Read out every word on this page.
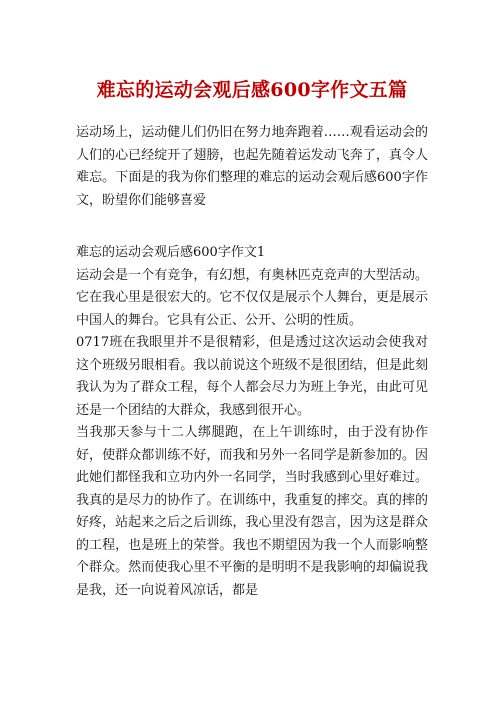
难忘的运动会观后感600字作文五篇

运动场上，运动健儿们仍旧在努力地奔跑着……观看运动会的人们的心已经绽开了翅膀，也起先随着运发动飞奔了，真令人难忘。下面是的我为你们整理的难忘的运动会观后感600字作文，盼望你们能够喜爱

难忘的运动会观后感600字作文1

运动会是一个有竞争，有幻想，有奥林匹克竞声的大型活动。它在我心里是很宏大的。它不仅仅是展示个人舞台，更是展示中国人的舞台。它具有公正、公开、公明的性质。

0717班在我眼里并不是很精彩，但是透过这次运动会使我对这个班级另眼相看。我以前说这个班级不是很团结，但是此刻我认为为了群众工程，每个人都会尽力为班上争光，由此可见还是一个团结的大群众，我感到很开心。

当我那天参与十二人绑腿跑，在上午训练时，由于没有协作好，使群众都训练不好，而我和另外一名同学是新参加的。因此她们都怪我和立功内外一名同学，当时我感到心里好难过。我真的是尽力的协作了。在训练中，我重复的摔交。真的摔的好疼，站起来之后之后训练，我心里没有怨言，因为这是群众的工程，也是班上的荣誉。我也不期望因为我一个人而影响整个群众。然而使我心里不平衡的是明明不是我影响的却偏说我是我，还一向说着风凉话，都是
